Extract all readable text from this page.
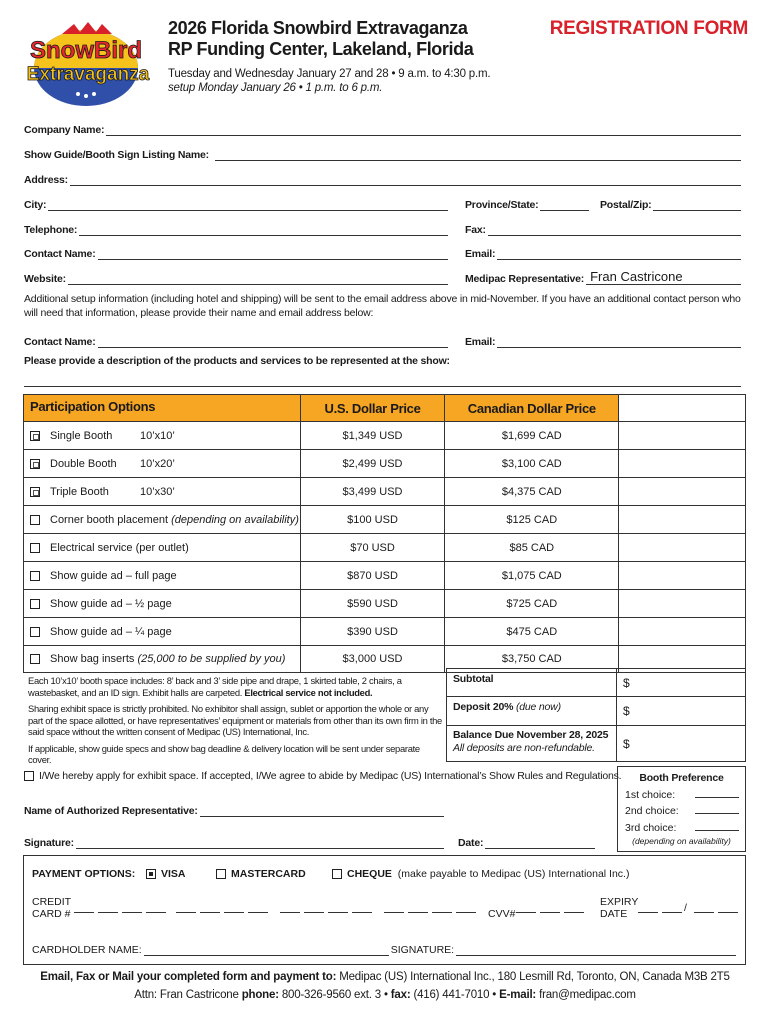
SnowBird
Extravaganza
2026 Florida Snowbird Extravaganza
RP Funding Center, Lakeland, Florida
REGISTRATION FORM
Tuesday and Wednesday January 27 and 28 • 9 a.m. to 4:30 p.m.
setup Monday January 26 • 1 p.m. to 6 p.m.
Company Name:
Show Guide/Booth Sign Listing Name:
Address:
City:	Province/State:	Postal/Zip:
Telephone:	Fax:
Contact Name:	Email:
Website:	Medipac Representative: Fran Castricone
Additional setup information (including hotel and shipping) will be sent to the email address above in mid-November. If you have an additional contact person who will need that information, please provide their name and email address below:
Contact Name:	Email:
Please provide a description of the products and services to be represented at the show:
Participation Options	U.S. Dollar Price	Canadian Dollar Price
Single Booth	10’x10’	$1,349 USD	$1,699 CAD
Double Booth	10’x20’	$2,499 USD	$3,100 CAD
Triple Booth	10’x30’	$3,499 USD	$4,375 CAD
Corner booth placement
(depending on availability)	$100 USD	$125 CAD
Electrical service (per outlet)	$70 USD	$85 CAD
Show guide ad – full page	$870 USD	$1,075 CAD
Show guide ad – ½ page	$590 USD	$725 CAD
Show guide ad – ¼ page	$390 USD	$475 CAD
Show bag inserts
(25,000 to be supplied by you)	$3,000 USD	$3,750 CAD

Each 10’x10’ booth space includes: 8’ back and 3’ side pipe and drape, 1 skirted table, 2 chairs, a wastebasket, and an ID sign. Exhibit halls are carpeted. Electrical service not included.

Sharing exhibit space is strictly prohibited. No exhibitor shall assign, sublet or apportion the whole or any part of the space allotted, or have representatives’ equipment or materials from other than its own firm in the said space without the written consent of Medipac (US) International, Inc.

If applicable, show guide specs and show bag deadline & delivery location will be sent under separate cover.

Subtotal	$
Deposit 20% (due now)	$
Balance Due November 28, 2025
All deposits are non-refundable.	$
I/We hereby apply for exhibit space. If accepted, I/We agree to abide by Medipac (US) International’s Show Rules and Regulations.
Name of Authorized Representative:
Signature:	Date:
Booth Preference
1st choice:
2nd choice:
3rd choice:
(depending on availability)
PAYMENT OPTIONS: VISA	MASTERCARD	CHEQUE
(make payable to Medipac (US) International Inc.)
CREDIT
CARD #	CVV#
EXPIRY
DATE	/
CARDHOLDER NAME:	SIGNATURE:
Email, Fax or Mail your completed form and payment to: Medipac (US) International Inc., 180 Lesmill Rd, Toronto, ON, Canada M3B 2T5
Attn: Fran Castricone phone: 800-326-9560 ext. 3 • fax: (416) 441-7010 • E-mail: fran@medipac.com
